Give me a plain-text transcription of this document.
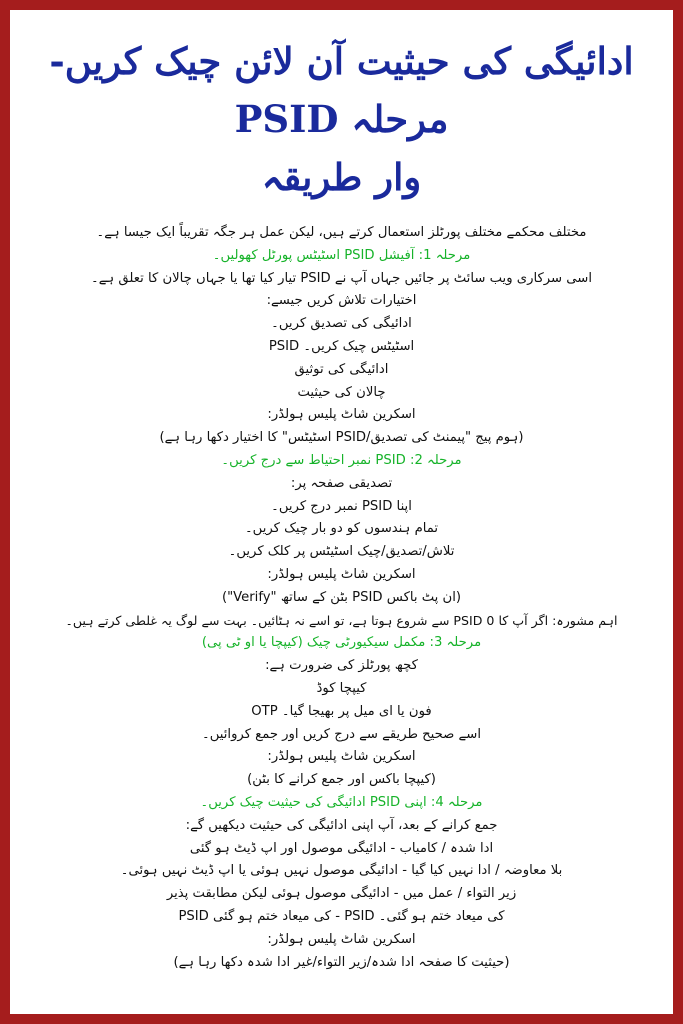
ادائیگی کی حیثیت آن لائن چیک کریں- مرحلہ PSID
وار طریقہ
مختلف محکمے مختلف پورٹلز استعمال کرتے ہیں، لیکن عمل ہر جگہ تقریباً ایک جیسا ہے۔
مرحلہ 1: آفیشل PSID اسٹیٹس پورٹل کھولیں۔
اسی سرکاری ویب سائٹ پر جائیں جہاں آپ نے PSID تیار کیا تھا یا جہاں چالان کا تعلق ہے۔
اختیارات تلاش کریں جیسے:
ادائیگی کی تصدیق کریں۔
PSID اسٹیٹس چیک کریں۔
ادائیگی کی توثیق
چالان کی حیثیت
اسکرین شاٹ پلیس ہولڈر:
(ہوم پیج "پیمنٹ کی تصدیق/PSID اسٹیٹس" کا اختیار دکھا رہا ہے)
مرحلہ 2: PSID نمبر احتیاط سے درج کریں۔
تصدیقی صفحہ پر:
اپنا PSID نمبر درج کریں۔
تمام ہندسوں کو دو بار چیک کریں۔
تلاش/تصدیق/چیک اسٹیٹس پر کلک کریں۔
اسکرین شاٹ پلیس ہولڈر:
("Verify" بٹن کے ساتھ PSID ان پٹ باکس)
اہم مشورہ: اگر آپ کا PSID 0 سے شروع ہوتا ہے، تو اسے نہ ہٹائیں۔ بہت سے لوگ یہ غلطی کرتے ہیں۔
مرحلہ 3: مکمل سیکیورٹی چیک (کیپچا یا او ٹی پی)
کچھ پورٹلز کی ضرورت ہے:
کیپچا کوڈ
OTP فون یا ای میل پر بھیجا گیا۔
اسے صحیح طریقے سے درج کریں اور جمع کروائیں۔
اسکرین شاٹ پلیس ہولڈر:
(کیپچا باکس اور جمع کرانے کا بٹن)
مرحلہ 4: اپنی PSID ادائیگی کی حیثیت چیک کریں۔
جمع کرانے کے بعد، آپ اپنی ادائیگی کی حیثیت دیکھیں گے:
ادا شدہ / کامیاب - ادائیگی موصول اور اپ ڈیٹ ہو گئی
بلا معاوضہ / ادا نہیں کیا گیا - ادائیگی موصول نہیں ہوئی یا اپ ڈیٹ نہیں ہوئی۔
زیر التواء / عمل میں - ادائیگی موصول ہوئی لیکن مطابقت پذیر
PSID کی میعاد ختم ہو گئی - PSID کی میعاد ختم ہو گئی۔
اسکرین شاٹ پلیس ہولڈر:
(حیثیت کا صفحہ ادا شدہ/زیر التواء/غیر ادا شدہ دکھا رہا ہے)
